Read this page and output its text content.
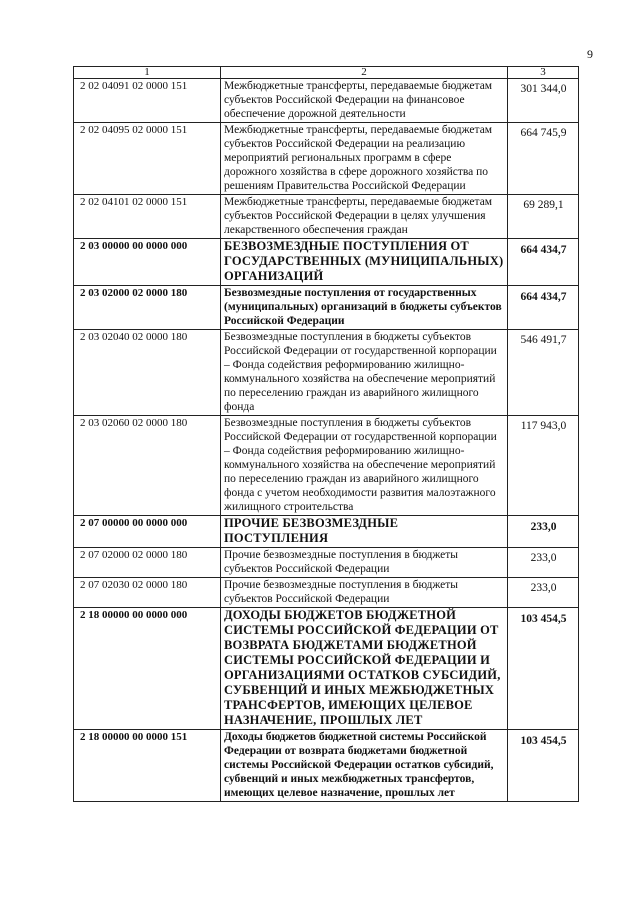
9
1	2	3
2 02 04091 02 0000 151	Межбюджетные трансферты, передаваемые бюджетам субъектов Российской Федерации на финансовое обеспечение дорожной деятельности	301 344,0
2 02 04095 02 0000 151	Межбюджетные трансферты, передаваемые бюджетам субъектов Российской Федерации на реализацию мероприятий региональных программ в сфере дорожного хозяйства в сфере дорожного хозяйства по решениям Правительства Российской Федерации	664 745,9
2 02 04101 02 0000 151	Межбюджетные трансферты, передаваемые бюджетам субъектов Российской Федерации в целях улучшения лекарственного обеспечения граждан	69 289,1
2 03 00000 00 0000 000	БЕЗВОЗМЕЗДНЫЕ ПОСТУПЛЕНИЯ ОТ ГОСУДАРСТВЕННЫХ (МУНИЦИПАЛЬНЫХ) ОРГАНИЗАЦИЙ	664 434,7
2 03 02000 02 0000 180	Безвозмездные поступления от государственных (муниципальных) организаций в бюджеты субъектов Российской Федерации	664 434,7
2 03 02040 02 0000 180	Безвозмездные поступления в бюджеты субъектов Российской Федерации от государственной корпорации – Фонда содействия реформированию жилищно-коммунального хозяйства на обеспечение мероприятий по переселению граждан из аварийного жилищного фонда	546 491,7
2 03 02060 02 0000 180	Безвозмездные поступления в бюджеты субъектов Российской Федерации от государственной корпорации – Фонда содействия реформированию жилищно-коммунального хозяйства на обеспечение мероприятий по переселению граждан из аварийного жилищного фонда с учетом необходимости развития малоэтажного жилищного строительства	117 943,0
2 07 00000 00 0000 000	ПРОЧИЕ БЕЗВОЗМЕЗДНЫЕ ПОСТУПЛЕНИЯ	233,0
2 07 02000 02 0000 180	Прочие безвозмездные поступления в бюджеты субъектов Российской Федерации	233,0
2 07 02030 02 0000 180	Прочие безвозмездные поступления в бюджеты субъектов Российской Федерации	233,0
2 18 00000 00 0000 000	ДОХОДЫ БЮДЖЕТОВ БЮДЖЕТНОЙ СИСТЕМЫ РОССИЙСКОЙ ФЕДЕРАЦИИ ОТ ВОЗВРАТА БЮДЖЕТАМИ БЮДЖЕТНОЙ СИСТЕМЫ РОССИЙСКОЙ ФЕДЕРАЦИИ И ОРГАНИЗАЦИЯМИ ОСТАТКОВ СУБСИДИЙ, СУБВЕНЦИЙ И ИНЫХ МЕЖБЮДЖЕТНЫХ ТРАНСФЕРТОВ, ИМЕЮЩИХ ЦЕЛЕВОЕ НАЗНАЧЕНИЕ, ПРОШЛЫХ ЛЕТ	103 454,5
2 18 00000 00 0000 151	Доходы бюджетов бюджетной системы Российской Федерации от возврата бюджетами бюджетной системы Российской Федерации остатков субсидий, субвенций и иных межбюджетных трансфертов, имеющих целевое назначение, прошлых лет	103 454,5
